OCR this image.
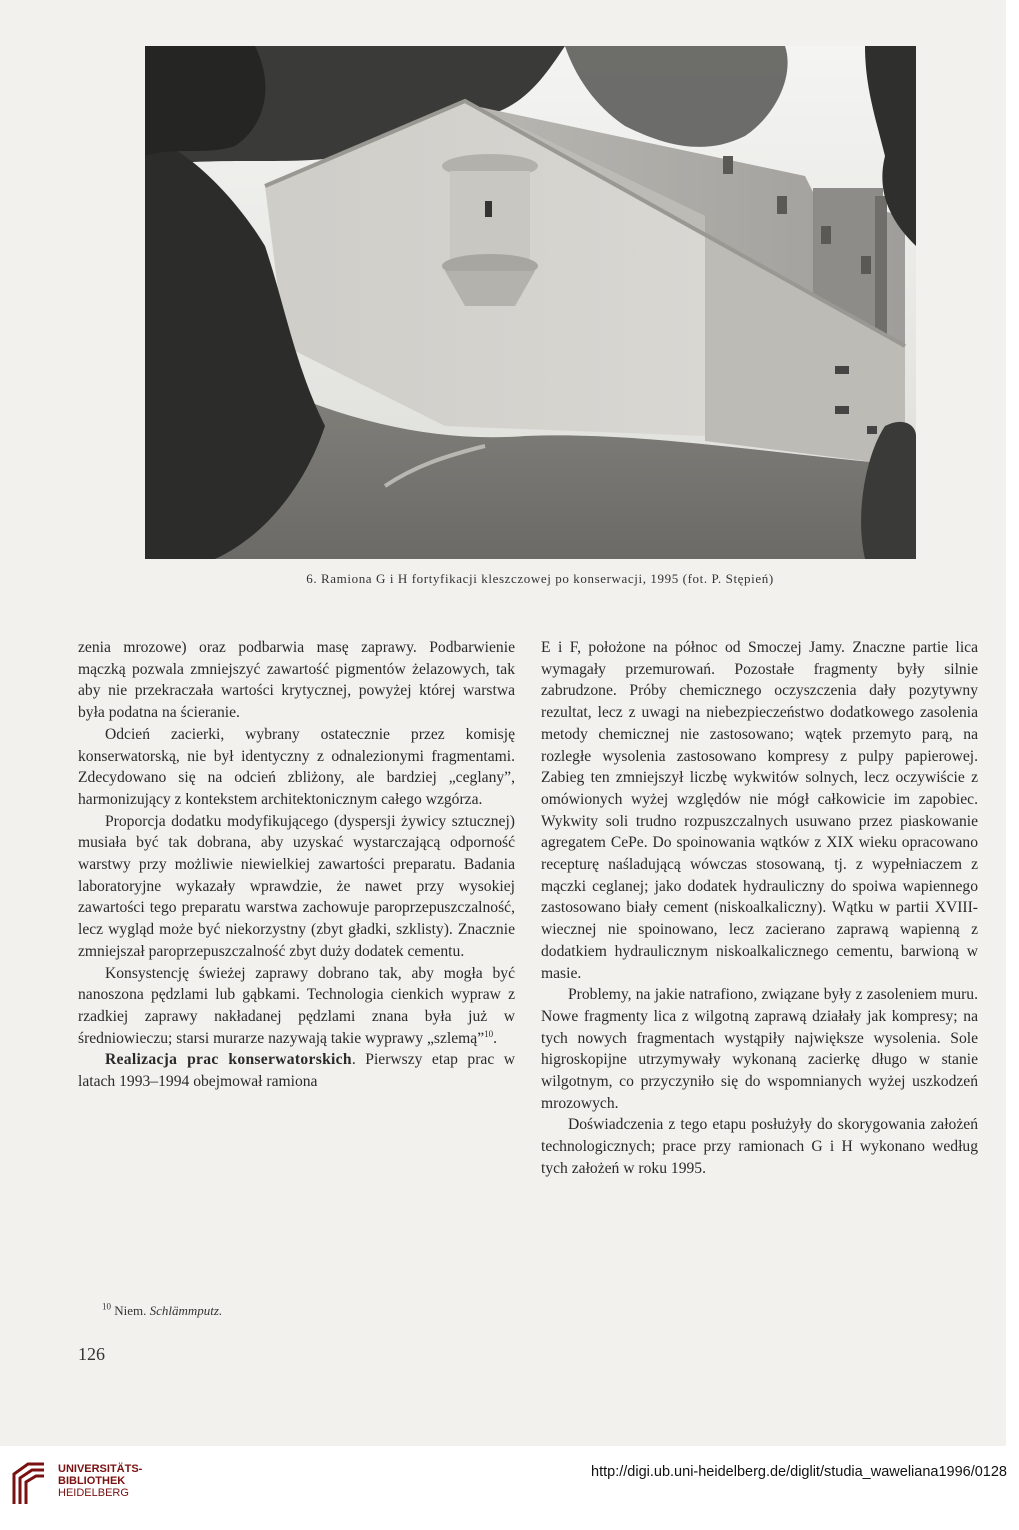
6. Ramiona G i H fortyfikacji kleszczowej po konserwacji, 1995 (fot. P. Stępień)

zenia mrozowe) oraz podbarwia masę zaprawy. Podbarwienie mączką pozwala zmniejszyć zawartość pigmentów żelazowych, tak aby nie przekraczała wartości krytycznej, powyżej której warstwa była podatna na ścieranie.

Odcień zacierki, wybrany ostatecznie przez komisję konserwatorską, nie był identyczny z odnalezionymi fragmentami. Zdecydowano się na odcień zbliżony, ale bardziej „ceglany”, harmonizujący z kontekstem architektonicznym całego wzgórza.

Proporcja dodatku modyfikującego (dyspersji żywicy sztucznej) musiała być tak dobrana, aby uzyskać wystarczającą odporność warstwy przy możliwie niewielkiej zawartości preparatu. Badania laboratoryjne wykazały wprawdzie, że nawet przy wysokiej zawartości tego preparatu warstwa zachowuje paroprzepuszczalność, lecz wygląd może być niekorzystny (zbyt gładki, szklisty). Znacznie zmniejszał paroprzepuszczalność zbyt duży dodatek cementu.

Konsystencję świeżej zaprawy dobrano tak, aby mogła być nanoszona pędzlami lub gąbkami. Technologia cienkich wypraw z rzadkiej zaprawy nakładanej pędzlami znana była już w średniowieczu; starsi murarze nazywają takie wyprawy „szlemą”$^{10}$.

Realizacja prac konserwatorskich. Pierwszy etap prac w latach 1993–1994 obejmował ramiona

E i F, położone na północ od Smoczej Jamy. Znaczne partie lica wymagały przemurowań. Pozostałe fragmenty były silnie zabrudzone. Próby chemicznego oczyszczenia dały pozytywny rezultat, lecz z uwagi na niebezpieczeństwo dodatkowego zasolenia metody chemicznej nie zastosowano; wątek przemyto parą, na rozległe wysolenia zastosowano kompresy z pulpy papierowej. Zabieg ten zmniejszył liczbę wykwitów solnych, lecz oczywiście z omówionych wyżej względów nie mógł całkowicie im zapobiec. Wykwity soli trudno rozpuszczalnych usuwano przez piaskowanie agregatem CePe. Do spoinowania wątków z XIX wieku opracowano recepturę naśladującą wówczas stosowaną, tj. z wypełniaczem z mączki ceglanej; jako dodatek hydrauliczny do spoiwa wapiennego zastosowano biały cement (niskoalkaliczny). Wątku w partii XVIII-wiecznej nie spoinowano, lecz zacierano zaprawą wapienną z dodatkiem hydraulicznym niskoalkalicznego cementu, barwioną w masie.

Problemy, na jakie natrafiono, związane były z zasoleniem muru. Nowe fragmenty lica z wilgotną zaprawą działały jak kompresy; na tych nowych fragmentach wystąpiły największe wysolenia. Sole higroskopijne utrzymywały wykonaną zacierkę długo w stanie wilgotnym, co przyczyniło się do wspomnianych wyżej uszkodzeń mrozowych.

Doświadczenia z tego etapu posłużyły do skorygowania założeń technologicznych; prace przy ramionach G i H wykonano według tych założeń w roku 1995.

$^{10}$ Niem. Schlämmputz.
126
UNIVERSITÄTS-
BIBLIOTHEK
HEIDELBERG
http://digi.ub.uni-heidelberg.de/diglit/studia_waweliana1996/0128
